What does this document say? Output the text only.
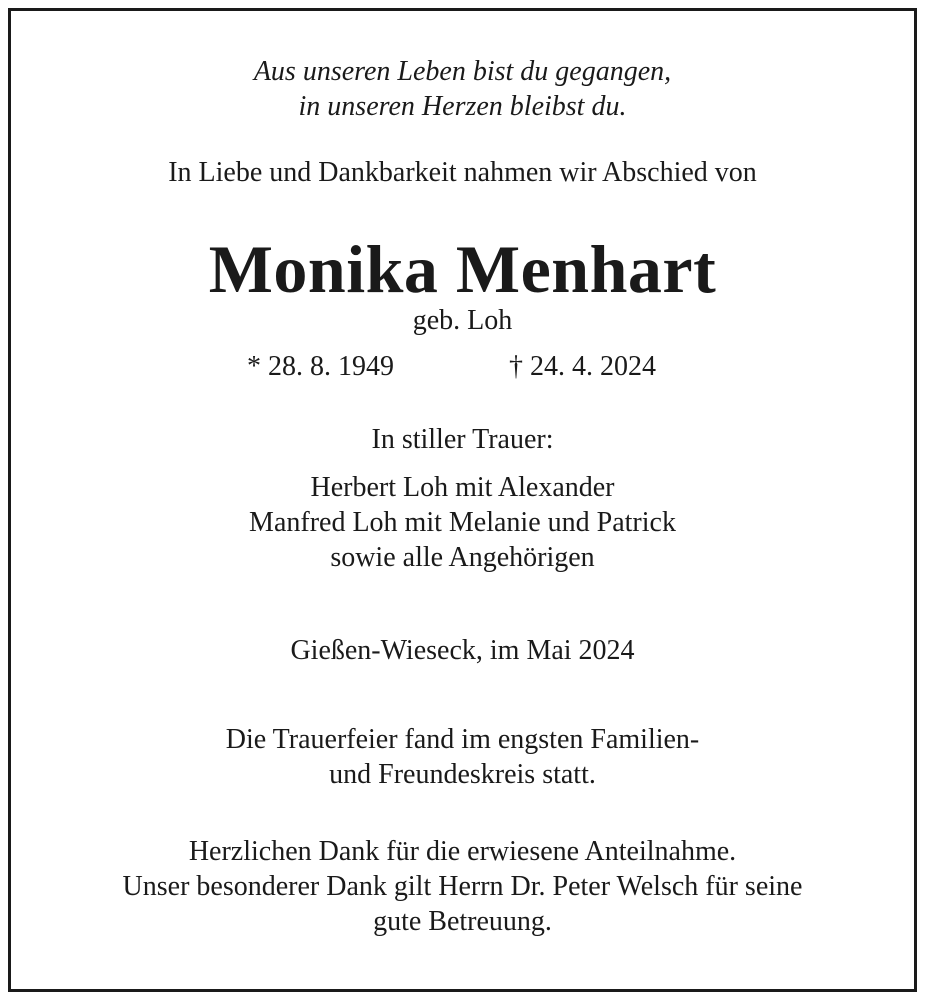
Aus unseren Leben bist du gegangen,
in unseren Herzen bleibst du.
In Liebe und Dankbarkeit nahmen wir Abschied von
Monika Menhart
geb. Loh
* 28. 8. 1949	† 24. 4. 2024
In stiller Trauer:
Herbert Loh mit Alexander
Manfred Loh mit Melanie und Patrick
sowie alle Angehörigen
Gießen-Wieseck, im Mai 2024
Die Trauerfeier fand im engsten Familien-
und Freundeskreis statt.
Herzlichen Dank für die erwiesene Anteilnahme.
Unser besonderer Dank gilt Herrn Dr. Peter Welsch für seine
gute Betreuung.
